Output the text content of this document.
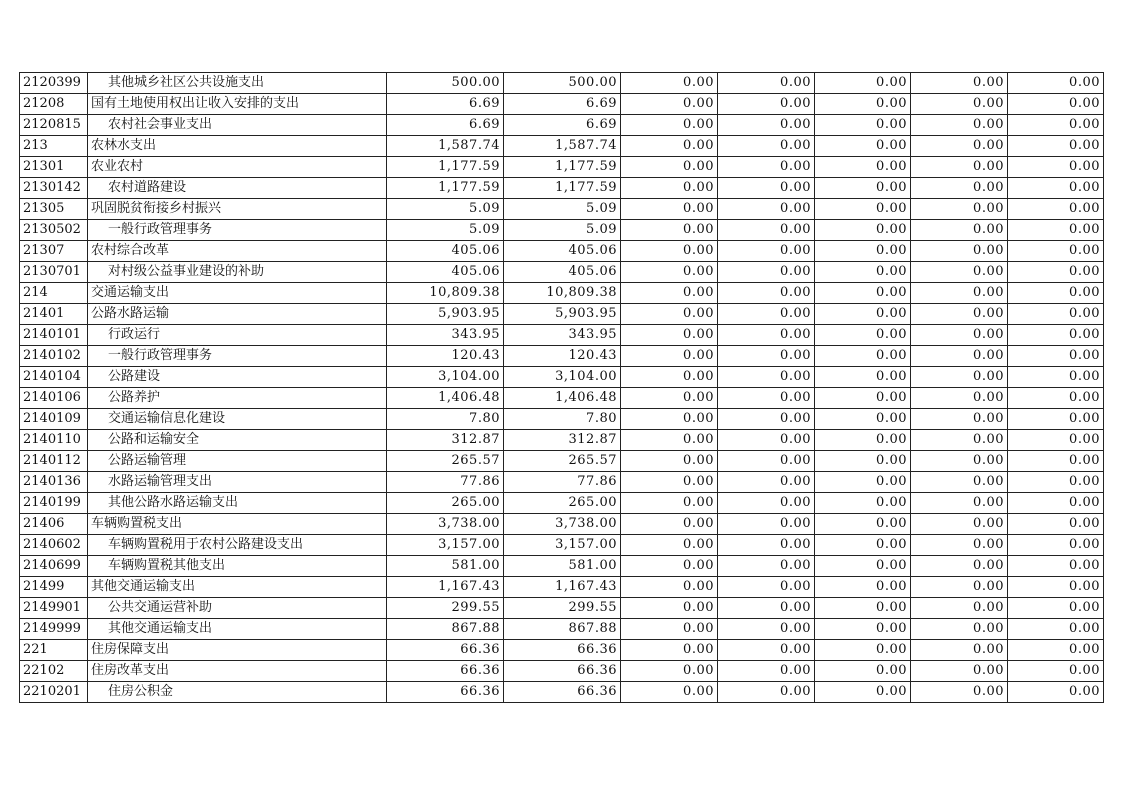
2120399	其他城乡社区公共设施支出	500.00	500.00	0.00	0.00	0.00	0.00	0.00
21208	国有土地使用权出让收入安排的支出	6.69	6.69	0.00	0.00	0.00	0.00	0.00
2120815	农村社会事业支出	6.69	6.69	0.00	0.00	0.00	0.00	0.00
213	农林水支出	1,587.74	1,587.74	0.00	0.00	0.00	0.00	0.00
21301	农业农村	1,177.59	1,177.59	0.00	0.00	0.00	0.00	0.00
2130142	农村道路建设	1,177.59	1,177.59	0.00	0.00	0.00	0.00	0.00
21305	巩固脱贫衔接乡村振兴	5.09	5.09	0.00	0.00	0.00	0.00	0.00
2130502	一般行政管理事务	5.09	5.09	0.00	0.00	0.00	0.00	0.00
21307	农村综合改革	405.06	405.06	0.00	0.00	0.00	0.00	0.00
2130701	对村级公益事业建设的补助	405.06	405.06	0.00	0.00	0.00	0.00	0.00
214	交通运输支出	10,809.38	10,809.38	0.00	0.00	0.00	0.00	0.00
21401	公路水路运输	5,903.95	5,903.95	0.00	0.00	0.00	0.00	0.00
2140101	行政运行	343.95	343.95	0.00	0.00	0.00	0.00	0.00
2140102	一般行政管理事务	120.43	120.43	0.00	0.00	0.00	0.00	0.00
2140104	公路建设	3,104.00	3,104.00	0.00	0.00	0.00	0.00	0.00
2140106	公路养护	1,406.48	1,406.48	0.00	0.00	0.00	0.00	0.00
2140109	交通运输信息化建设	7.80	7.80	0.00	0.00	0.00	0.00	0.00
2140110	公路和运输安全	312.87	312.87	0.00	0.00	0.00	0.00	0.00
2140112	公路运输管理	265.57	265.57	0.00	0.00	0.00	0.00	0.00
2140136	水路运输管理支出	77.86	77.86	0.00	0.00	0.00	0.00	0.00
2140199	其他公路水路运输支出	265.00	265.00	0.00	0.00	0.00	0.00	0.00
21406	车辆购置税支出	3,738.00	3,738.00	0.00	0.00	0.00	0.00	0.00
2140602	车辆购置税用于农村公路建设支出	3,157.00	3,157.00	0.00	0.00	0.00	0.00	0.00
2140699	车辆购置税其他支出	581.00	581.00	0.00	0.00	0.00	0.00	0.00
21499	其他交通运输支出	1,167.43	1,167.43	0.00	0.00	0.00	0.00	0.00
2149901	公共交通运营补助	299.55	299.55	0.00	0.00	0.00	0.00	0.00
2149999	其他交通运输支出	867.88	867.88	0.00	0.00	0.00	0.00	0.00
221	住房保障支出	66.36	66.36	0.00	0.00	0.00	0.00	0.00
22102	住房改革支出	66.36	66.36	0.00	0.00	0.00	0.00	0.00
2210201	住房公积金	66.36	66.36	0.00	0.00	0.00	0.00	0.00
